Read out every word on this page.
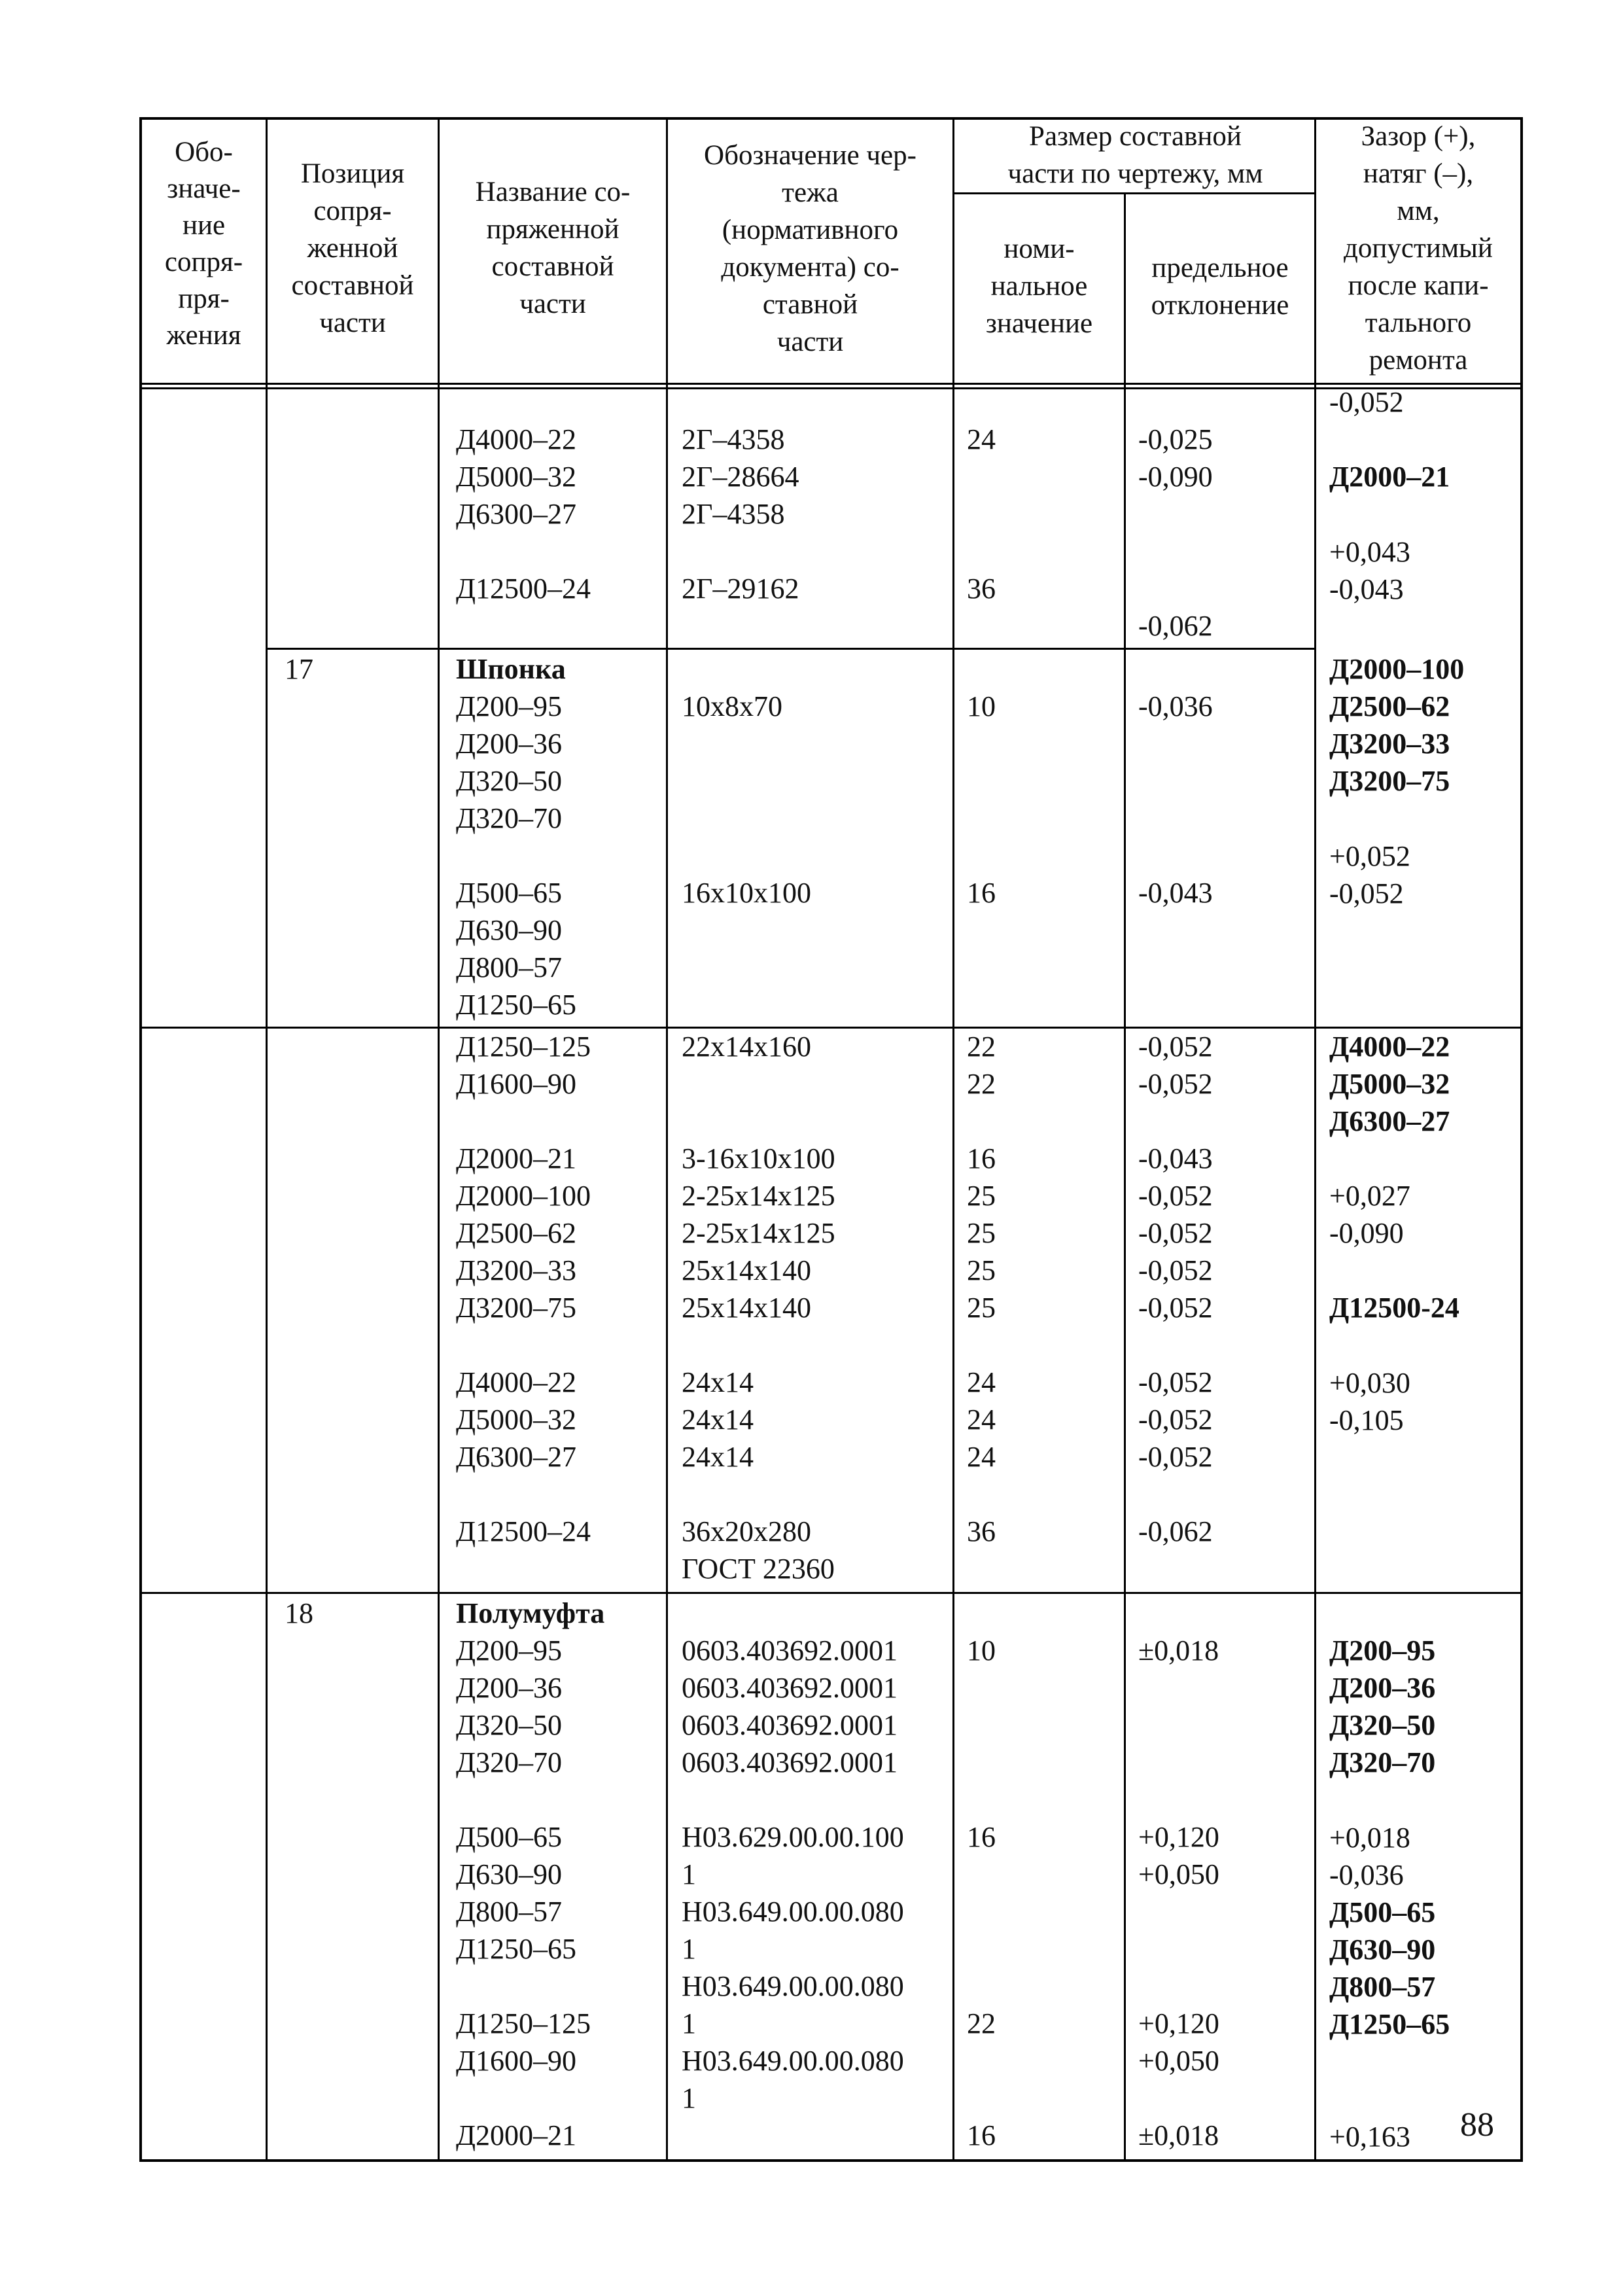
Обо-
значе-
ние
сопря-
пря-
жения
Позиция
сопря-
женной
составной
части
Название со-
пряженной
составной
части
Обозначение чер-
тежа
(нормативного
документа) со-
ставной
части
Размер составной
части по чертежу, мм
номи-
нальное
значение
предельное
отклонение
Зазор (+),
натяг (–),
мм,
допустимый
после капи-
тального
ремонта

Д4000–22
Д5000–32
Д6300–27

Д12500–24

2Г–4358
2Г–28664
2Г–4358

2Г–29162

24

36

-0,025
-0,090

-0,062
-0,052
Д2000–21
+0,043
-0,043
17	Шпонка
Д200–95
Д200–36
Д320–50
Д320–70

Д500–65
Д630–90
Д800–57
Д1250–65
10х8х70

16х10х100
10

16
-0,036

-0,043
Д2000–100
Д2500–62
Д3200–33
Д3200–75
+0,052
-0,052
Д1250–125
Д1600–90

Д2000–21
Д2000–100
Д2500–62
Д3200–33
Д3200–75

Д4000–22
Д5000–32
Д6300–27

Д12500–24
22х14х160

3-16х10х100
2-25х14х125
2-25х14х125
25х14х140
25х14х140

24х14
24х14
24х14

36х20х280
ГОСТ 22360
22
22

16
25
25
25
25

24
24
24

36
-0,052
-0,052

-0,043
-0,052
-0,052
-0,052
-0,052

-0,052
-0,052
-0,052

-0,062
Д4000–22
Д5000–32
Д6300–27
+0,027
-0,090
Д12500-24
+0,030
-0,105
18	Полумуфта
Д200–95
Д200–36
Д320–50
Д320–70

Д500–65
Д630–90
Д800–57
Д1250–65

Д1250–125
Д1600–90

Д2000–21
0603.403692.0001
0603.403692.0001
0603.403692.0001
0603.403692.0001

Н03.629.00.00.100
1
Н03.649.00.00.080
1
Н03.649.00.00.080
1
Н03.649.00.00.080
1
10

16

22

16
±0,018

+0,120
+0,050

+0,120
+0,050

±0,018
Д200–95
Д200–36
Д320–50
Д320–70
+0,018
-0,036
Д500–65
Д630–90
Д800–57
Д1250–65
+0,163 88
